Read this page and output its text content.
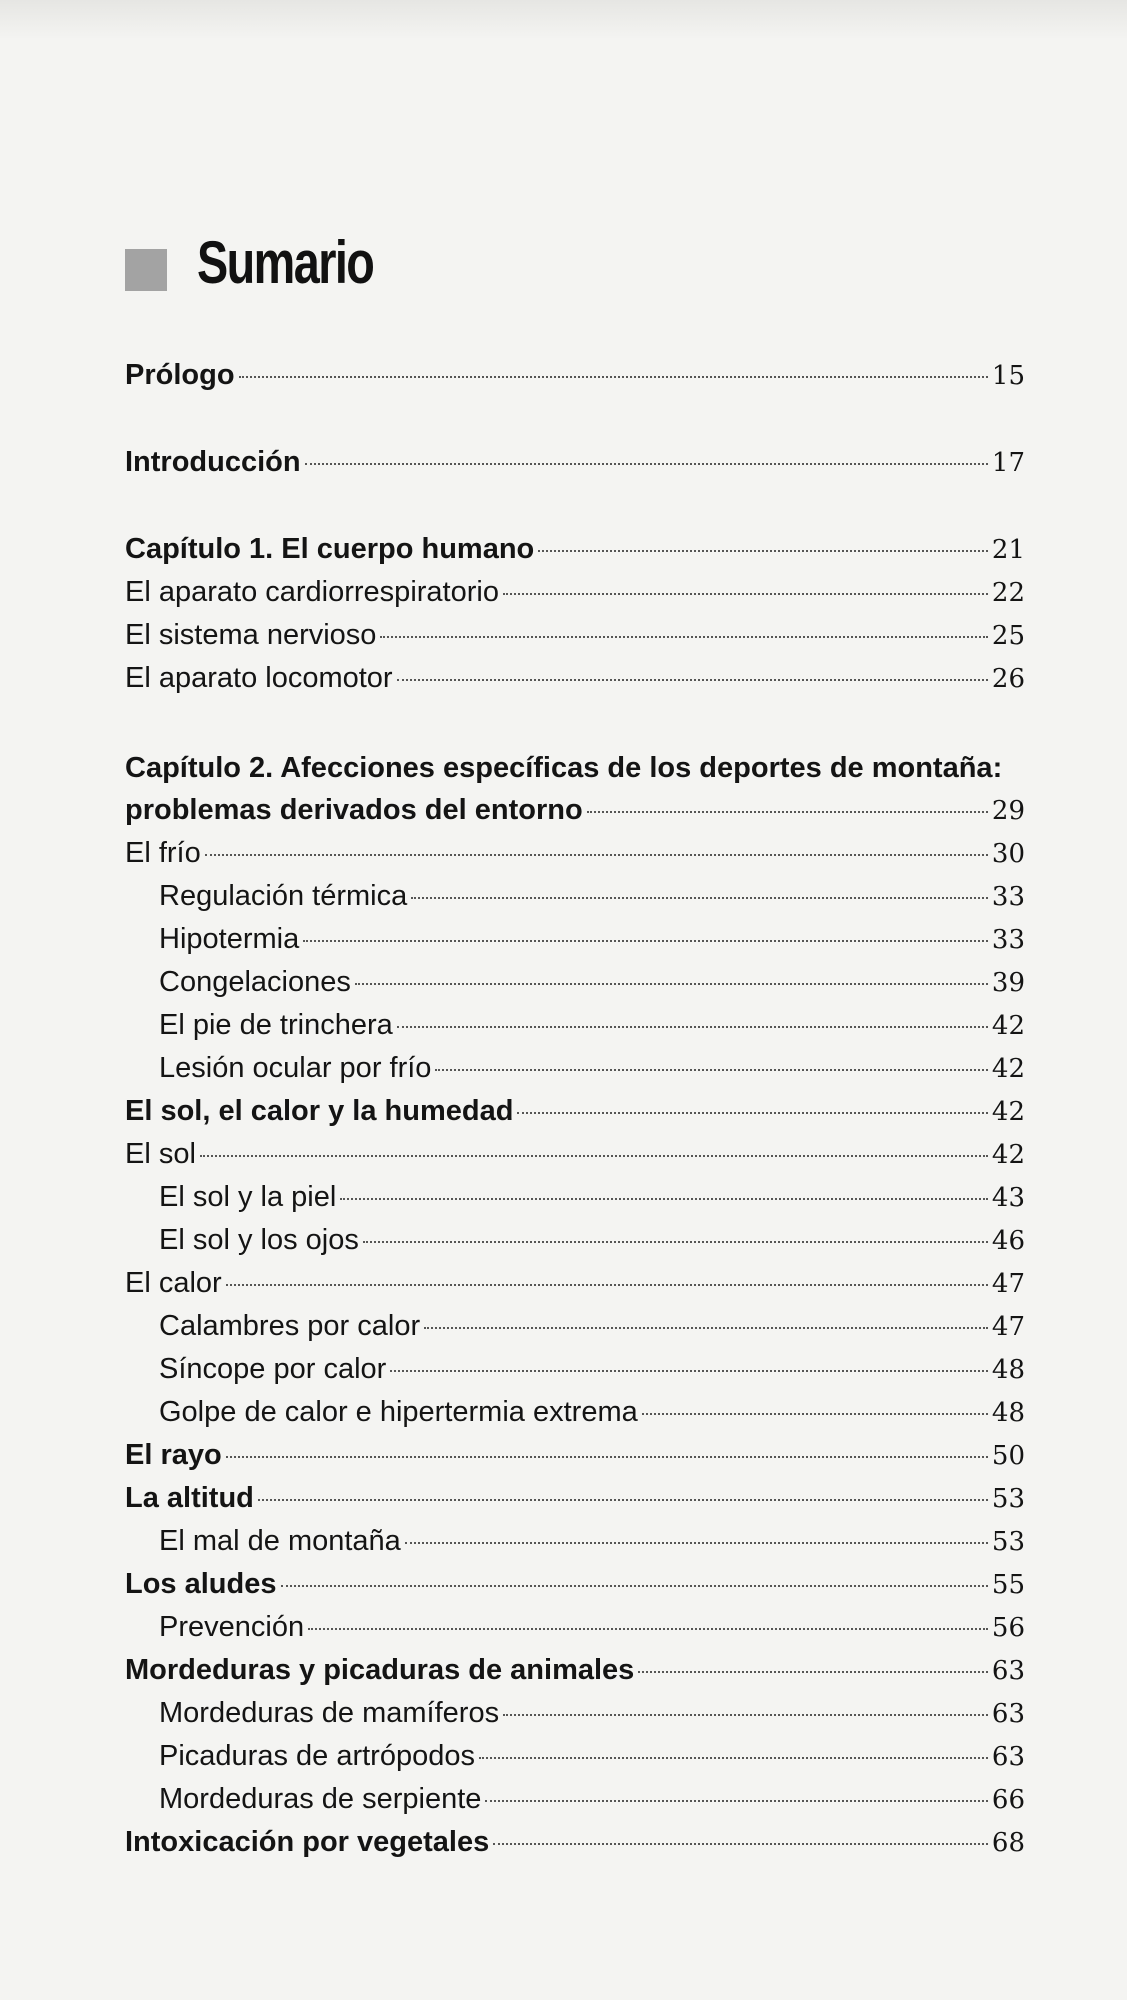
Sumario
Prólogo	15
Introducción	17
Capítulo 1. El cuerpo humano	21
El aparato cardiorrespiratorio	22
El sistema nervioso	25
El aparato locomotor	26
Capítulo 2. Afecciones específicas de los deportes de montaña:
problemas derivados del entorno	29
El frío	30
Regulación térmica	33
Hipotermia	33
Congelaciones	39
El pie de trinchera	42
Lesión ocular por frío	42
El sol, el calor y la humedad	42
El sol	42
El sol y la piel	43
El sol y los ojos	46
El calor	47
Calambres por calor	47
Síncope por calor	48
Golpe de calor e hipertermia extrema	48
El rayo	50
La altitud	53
El mal de montaña	53
Los aludes	55
Prevención	56
Mordeduras y picaduras de animales	63
Mordeduras de mamíferos	63
Picaduras de artrópodos	63
Mordeduras de serpiente	66
Intoxicación por vegetales	68
